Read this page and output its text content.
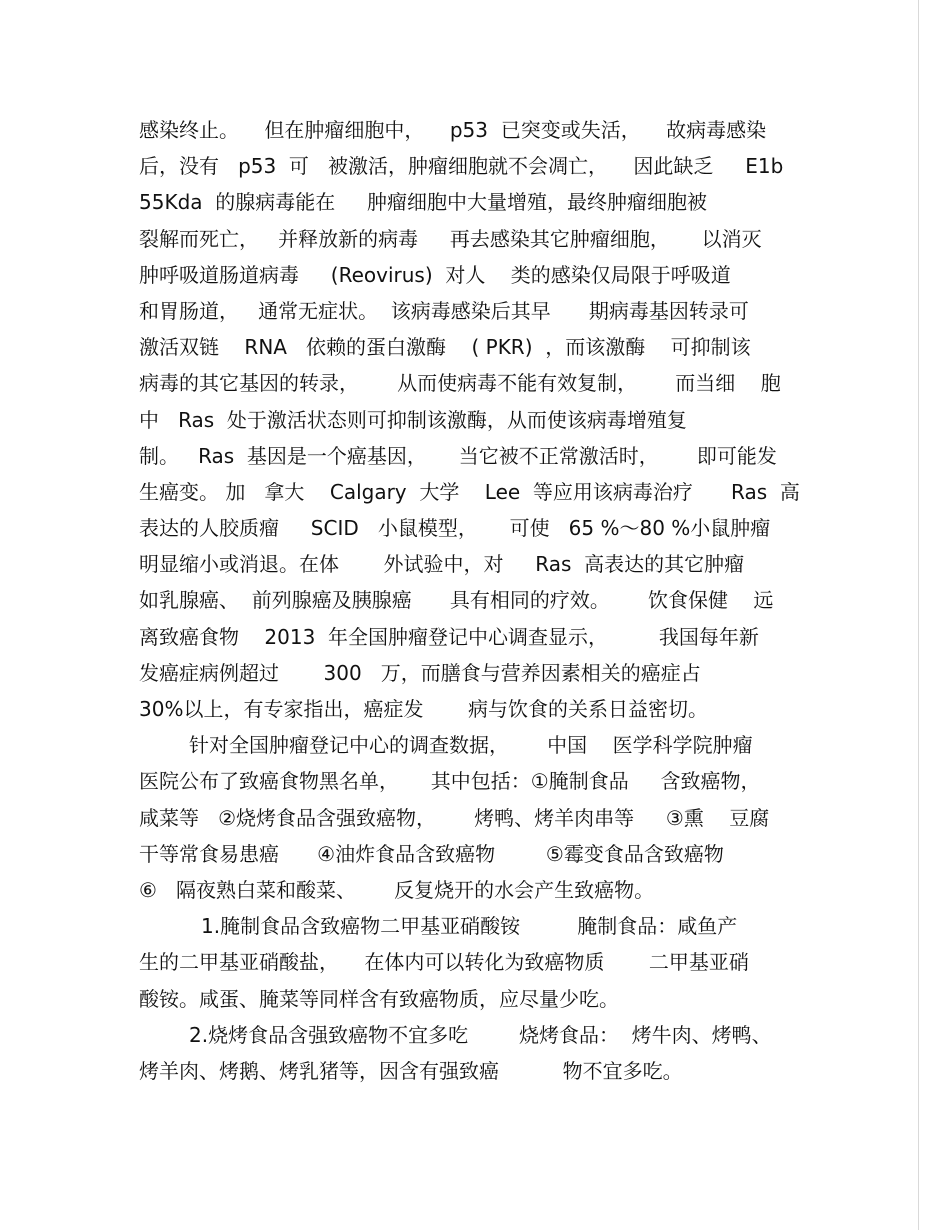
感染终止。    但在肿瘤细胞中，    p53  已突变或失活，    故病毒感染
后，没有   p53  可   被激活，肿瘤细胞就不会凋亡，    因此缺乏     E1b
55Kda  的腺病毒能在     肿瘤细胞中大量增殖，最终肿瘤细胞被
裂解而死亡，   并释放新的病毒     再去感染其它肿瘤细胞，     以消灭
肿呼吸道肠道病毒     (Reovirus)  对人    类的感染仅局限于呼吸道
和胃肠道，   通常无症状。  该病毒感染后其早      期病毒基因转录可
激活双链    RNA   依赖的蛋白激酶    ( PKR)  ，而该激酶    可抑制该
病毒的其它基因的转录，      从而使病毒不能有效复制，      而当细    胞
中   Ras  处于激活状态则可抑制该激酶，从而使该病毒增殖复
制。   Ras  基因是一个癌基因，     当它被不正常激活时，      即可能发
生癌变。 加   拿大    Calgary  大学    Lee  等应用该病毒治疗      Ras  高
表达的人胶质瘤     SCID   小鼠模型，     可使   65 %～80 %小鼠肿瘤
明显缩小或消退。在体       外试验中，对     Ras  高表达的其它肿瘤
如乳腺癌、  前列腺癌及胰腺癌      具有相同的疗效。      饮食保健    远
离致癌食物    2013  年全国肿瘤登记中心调查显示，        我国每年新
发癌症病例超过       300   万，而膳食与营养因素相关的癌症占
30%以上，有专家指出，癌症发       病与饮食的关系日益密切。
针对全国肿瘤登记中心的调查数据，      中国    医学科学院肿瘤
医院公布了致癌食物黑名单，     其中包括：①腌制食品     含致癌物，
咸菜等   ②烧烤食品含强致癌物，      烤鸭、烤羊肉串等     ③熏    豆腐
干等常食易患癌      ④油炸食品含致癌物        ⑤霉变食品含致癌物
⑥   隔夜熟白菜和酸菜、      反复烧开的水会产生致癌物。
1.腌制食品含致癌物二甲基亚硝酸铵         腌制食品：咸鱼产
生的二甲基亚硝酸盐，    在体内可以转化为致癌物质       二甲基亚硝
酸铵。咸蛋、腌菜等同样含有致癌物质，应尽量少吃。
2.烧烤食品含强致癌物不宜多吃        烧烤食品：  烤牛肉、烤鸭、
烤羊肉、烤鹅、烤乳猪等，因含有强致癌          物不宜多吃。
